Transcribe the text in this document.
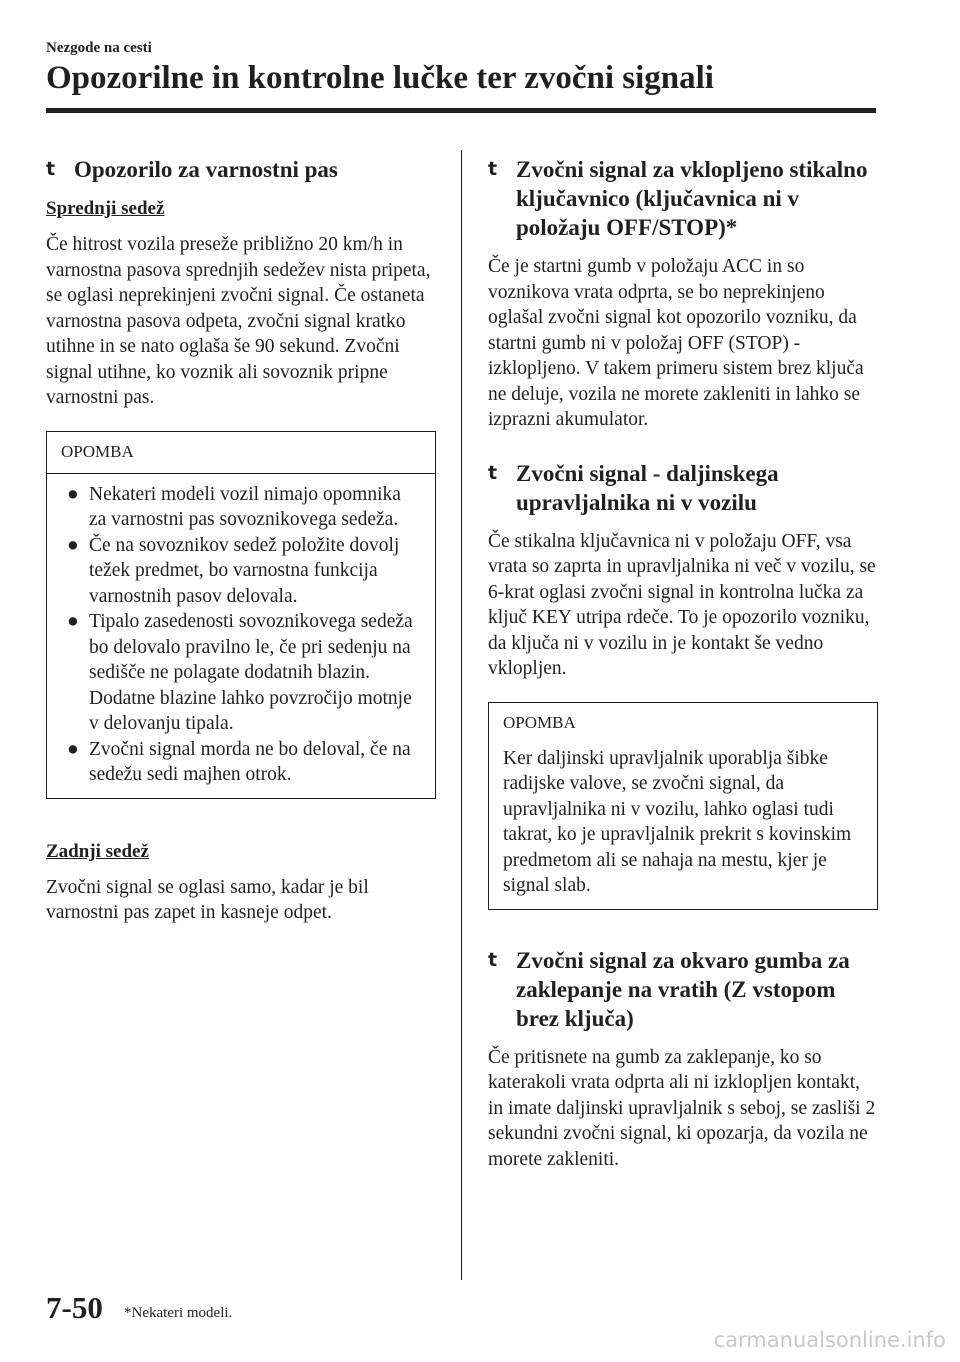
Nezgode na cesti
Opozorilne in kontrolne lučke ter zvočni signali
t Opozorilo za varnostni pas
Sprednji sedež

Če hitrost vozila preseže približno 20 km/h in varnostna pasova sprednjih sedežev nista pripeta, se oglasi neprekinjeni zvočni signal. Če ostaneta varnostna pasova odpeta, zvočni signal kratko utihne in se nato oglaša še 90 sekund. Zvočni signal utihne, ko voznik ali sovoznik pripne varnostni pas.

OPOMBA
● Nekateri modeli vozil nimajo opomnika za varnostni pas sovoznikovega sedeža.
● Če na sovoznikov sedež položite dovolj težek predmet, bo varnostna funkcija varnostnih pasov delovala.
● Tipalo zasedenosti sovoznikovega sedeža bo delovalo pravilno le, če pri sedenju na sedišče ne polagate dodatnih blazin. Dodatne blazine lahko povzročijo motnje v delovanju tipala.
● Zvočni signal morda ne bo deloval, če na sedežu sedi majhen otrok.
Zadnji sedež

Zvočni signal se oglasi samo, kadar je bil varnostni pas zapet in kasneje odpet.

t Zvočni signal za vklopljeno stikalno ključavnico (ključavnica ni v položaju OFF/STOP)*

Če je startni gumb v položaju ACC in so voznikova vrata odprta, se bo neprekinjeno oglašal zvočni signal kot opozorilo vozniku, da startni gumb ni v položaj OFF (STOP) - izklopljeno. V takem primeru sistem brez ključa ne deluje, vozila ne morete zakleniti in lahko se izprazni akumulator.

t Zvočni signal - daljinskega upravljalnika ni v vozilu

Če stikalna ključavnica ni v položaju OFF, vsa vrata so zaprta in upravljalnika ni več v vozilu, se 6-krat oglasi zvočni signal in kontrolna lučka za ključ KEY utripa rdeče. To je opozorilo vozniku, da ključa ni v vozilu in je kontakt še vedno vklopljen.

OPOMBA
Ker daljinski upravljalnik uporablja šibke radijske valove, se zvočni signal, da upravljalnika ni v vozilu, lahko oglasi tudi takrat, ko je upravljalnik prekrit s kovinskim predmetom ali se nahaja na mestu, kjer je signal slab.
t Zvočni signal za okvaro gumba za zaklepanje na vratih (Z vstopom brez ključa)

Če pritisnete na gumb za zaklepanje, ko so katerakoli vrata odprta ali ni izklopljen kontakt, in imate daljinski upravljalnik s seboj, se zasliši 2 sekundni zvočni signal, ki opozarja, da vozila ne morete zakleniti.

7-50 *Nekateri modeli.
carmanualsonline.info
